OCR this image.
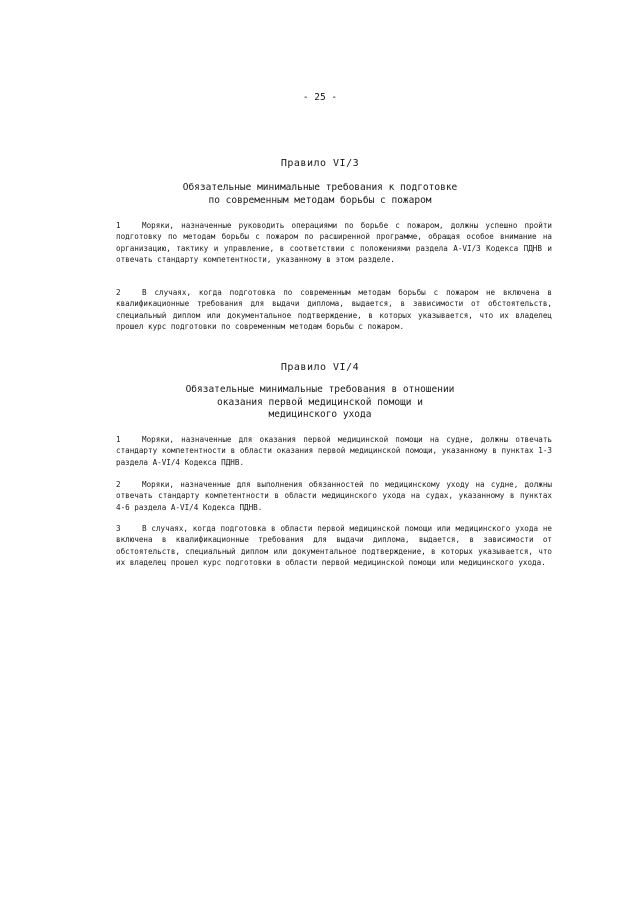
- 25 -
Правило VI/3
Обязательные минимальные требования к подготовке
по современным методам борьбы с пожаром
1	Моряки, назначенные руководить операциями по борьбе с пожаром, должны успешно пройти подготовку по методам борьбы с пожаром по расширенной программе, обращая особое внимание на организацию, тактику и управление, в соответствии с положениями раздела A-VI/3 Кодекса ПДНВ и отвечать стандарту компетентности, указанному в этом разделе.
2	В случаях, когда подготовка по современным методам борьбы с пожаром не включена в квалификационные требования для выдачи диплома, выдается, в зависимости от обстоятельств, специальный диплом или документальное подтверждение, в которых указывается, что их владелец прошел курс подготовки по современным методам борьбы с пожаром.
Правило VI/4
Обязательные минимальные требования в отношении
оказания первой медицинской помощи и
медицинского ухода
1	Моряки, назначенные для оказания первой медицинской помощи на судне, должны отвечать стандарту компетентности в области оказания первой медицинской помощи, указанному в пунктах 1-3 раздела A-VI/4 Кодекса ПДНВ.
2	Моряки, назначенные для выполнения обязанностей по медицинскому уходу на судне, должны отвечать стандарту компетентности в области медицинского ухода на судах, указанному в пунктах 4-6 раздела A-VI/4 Кодекса ПДНВ.
3	В случаях, когда подготовка в области первой медицинской помощи или медицинского ухода не включена в квалификационные требования для выдачи диплома, выдается, в зависимости от обстоятельств, специальный диплом или документальное подтверждение, в которых указывается, что их владелец прошел курс подготовки в области первой медицинской помощи или медицинского ухода.
